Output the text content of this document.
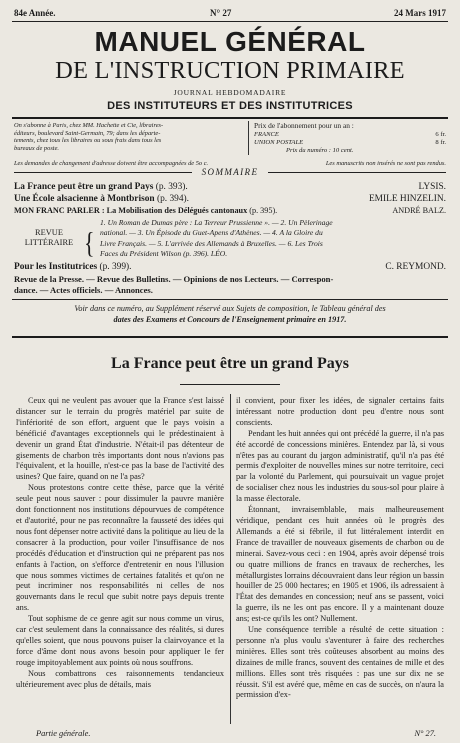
84e Année.	N° 27	24 Mars 1917
MANUEL GÉNÉRAL
DE L'INSTRUCTION PRIMAIRE
JOURNAL HEBDOMADAIRE
DES INSTITUTEURS ET DES INSTITUTRICES
On s'abonne à Paris, chez MM. Hachette et Cie, libraires-
éditeurs, boulevard Saint-Germain, 79; dans les départe-
tements, chez tous les libraires ou sous frais dans tous les
bureaux de poste.
Prix de l'abonnement pour un an :
FRANCE	6 fr.
UNION POSTALE	8 fr.
Prix du numéro : 10 cent.
Les demandes de changement d'adresse doivent être accompagnées de 5o c.	Les manuscrits non insérés ne sont pas rendus.
SOMMAIRE
La France peut être un grand Pays (p. 393).	LYSIS.
Une École alsacienne à Montbrison (p. 394).	EMILE HINZELIN.
MON FRANC PARLER : La Mobilisation des Délégués cantonaux (p. 395).	ANDRÉ BALZ.
REVUE
LITTÉRAIRE {
1. Un Roman de Dumas père : La Terreur Prussienne ». — 2. Un Pèlerinage
national. — 3. Un Épisode du Guet-Apens d'Athènes. — 4. A la Gloire du
Livre Français. — 5. L'arrivée des Allemands à Bruxelles. — 6. Les Trois
Faces du Président Wilson (p. 396). LÉO.
Pour les Institutrices (p. 399).	C. REYMOND.
Revue de la Presse. — Revue des Bulletins. — Opinions de nos Lecteurs. — Correspon-
dance. — Actes officiels. — Annonces.
Voir dans ce numéro, au Supplément réservé aux Sujets de composition, le Tableau général des
dates des Examens et Concours de l'Enseignement primaire en 1917.
La France peut être un grand Pays

Ceux qui ne veulent pas avouer que la France s'est laissé distancer sur le terrain du progrès matériel par suite de l'infériorité de son effort, arguent que le pays voisin a bénéficié d'avantages exceptionnels qui le prédestinaient à devenir un grand État d'industrie. N'était-il pas détenteur de gisements de charbon très importants dont nous n'avions pas l'équivalent, et la houille, n'est-ce pas la base de l'activité des usines? Que faire, quand on ne l'a pas?

Nous protestons contre cette thèse, parce que la vérité seule peut nous sauver : pour dissimuler la pauvre manière dont fonctionnent nos institutions dépourvues de compétence et d'autorité, pour ne pas reconnaître la fausseté des idées qui nous font dépenser notre activité dans la politique au lieu de la consacrer à la production, pour voiler l'insuffisance de nos procédés d'éducation et d'instruction qui ne préparent pas nos enfants à l'action, on s'efforce d'entretenir en nous l'illusion que nous sommes victimes de certaines fatalités et qu'on ne peut incriminer nos responsabilités ni celles de nos gouvernants dans le recul que subit notre pays depuis trente ans.

Tout sophisme de ce genre agit sur nous comme un virus, car c'est seulement dans la connaissance des réalités, si dures qu'elles soient, que nous pouvons puiser la clairvoyance et la force d'âme dont nous avons besoin pour appliquer le fer rouge impitoyablement aux points où nous souffrons.

Nous combattrons ces raisonnements tendancieux ultérieurement avec plus de détails, mais

il convient, pour fixer les idées, de signaler certains faits intéressant notre production dont peu d'entre nous sont conscients.

Pendant les huit années qui ont précédé la guerre, il n'a pas été accordé de concessions minières. Entendez par là, si vous n'êtes pas au courant du jargon administratif, qu'il n'a pas été permis d'exploiter de nouvelles mines sur notre territoire, ceci par la volonté du Parlement, qui poursuivait un vague projet de socialiser chez nous les industries du sous-sol pour plaire à la masse électorale.

Étonnant, invraisemblable, mais malheureusement véridique, pendant ces huit années où le progrès des Allemands a été si fébrile, il fut littéralement interdit en France de travailler de nouveaux gisements de charbon ou de minerai. Savez-vous ceci : en 1904, après avoir dépensé trois ou quatre millions de francs en travaux de recherches, les métallurgistes lorrains découvraient dans leur région un bassin houiller de 25 000 hectares; en 1905 et 1906, ils adressaient à l'État des demandes en concession; neuf ans se passent, voici la guerre, ils ne les ont pas encore. Il y a maintenant douze ans; est-ce qu'ils les ont? Nullement.

Une conséquence terrible a résulté de cette situation : personne n'a plus voulu s'aventurer à faire des recherches minières. Elles sont très coûteuses absorbent au moins des dizaines de mille francs, souvent des centaines de mille et des millions. Elles sont très risquées : pas une sur dix ne se réussit. S'il est avéré que, même en cas de succès, on n'aura la permission d'ex-

Partie générale.	N° 27.
